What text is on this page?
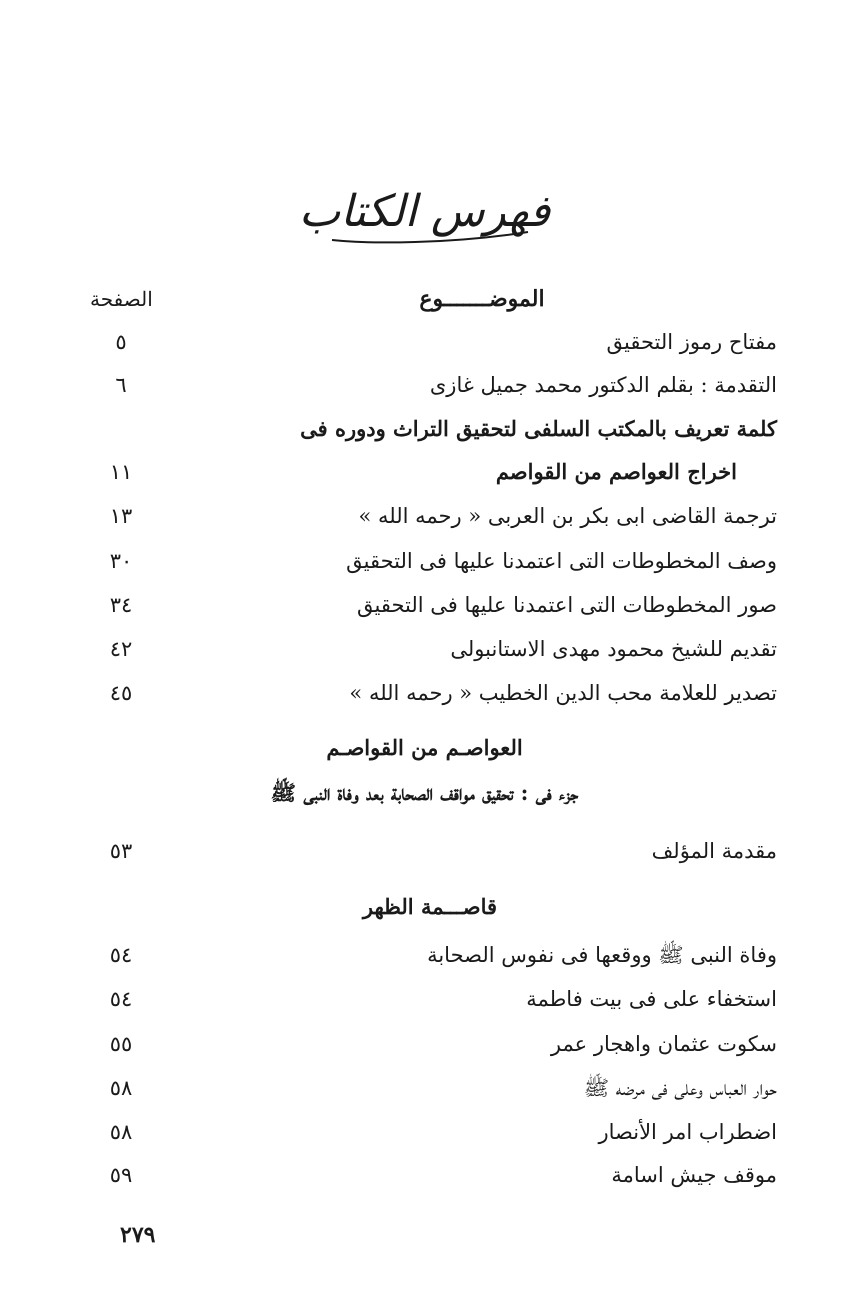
فهرس الكتاب
الموضـــــــوع
الصفحة
مفتاح رموز التحقيق
٥
التقدمة : بقلم الدكتور محمد جميل غازى
٦
كلمة تعريف بالمكتب السلفى لتحقيق التراث ودوره فى
اخراج العواصم من القواصم
١١
ترجمة القاضى ابى بكر بن العربى « رحمه الله »
١٣
وصف المخطوطات التى اعتمدنا عليها فى التحقيق
٣٠
صور المخطوطات التى اعتمدنا عليها فى التحقيق
٣٤
تقديم للشيخ محمود مهدى الاستانبولى
٤٢
تصدير للعلامة محب الدين الخطيب « رحمه الله »
٤٥
العواصـم من القواصـم
جزء فى : تحقيق مواقف الصحابة بعد وفاة النبى ﷺ
مقدمة المؤلف
٥٣
قاصـــمة الظهر
وفاة النبى ﷺ ووقعها فى نفوس الصحابة
٥٤
استخفاء على فى بيت فاطمة
٥٤
سكوت عثمان واهجار عمر
٥٥
حوار العباس وعلى فى مرضه ﷺ
٥٨
اضطراب امر الأنصار
٥٨
موقف جيش اسامة
٥٩
٢٧٩
